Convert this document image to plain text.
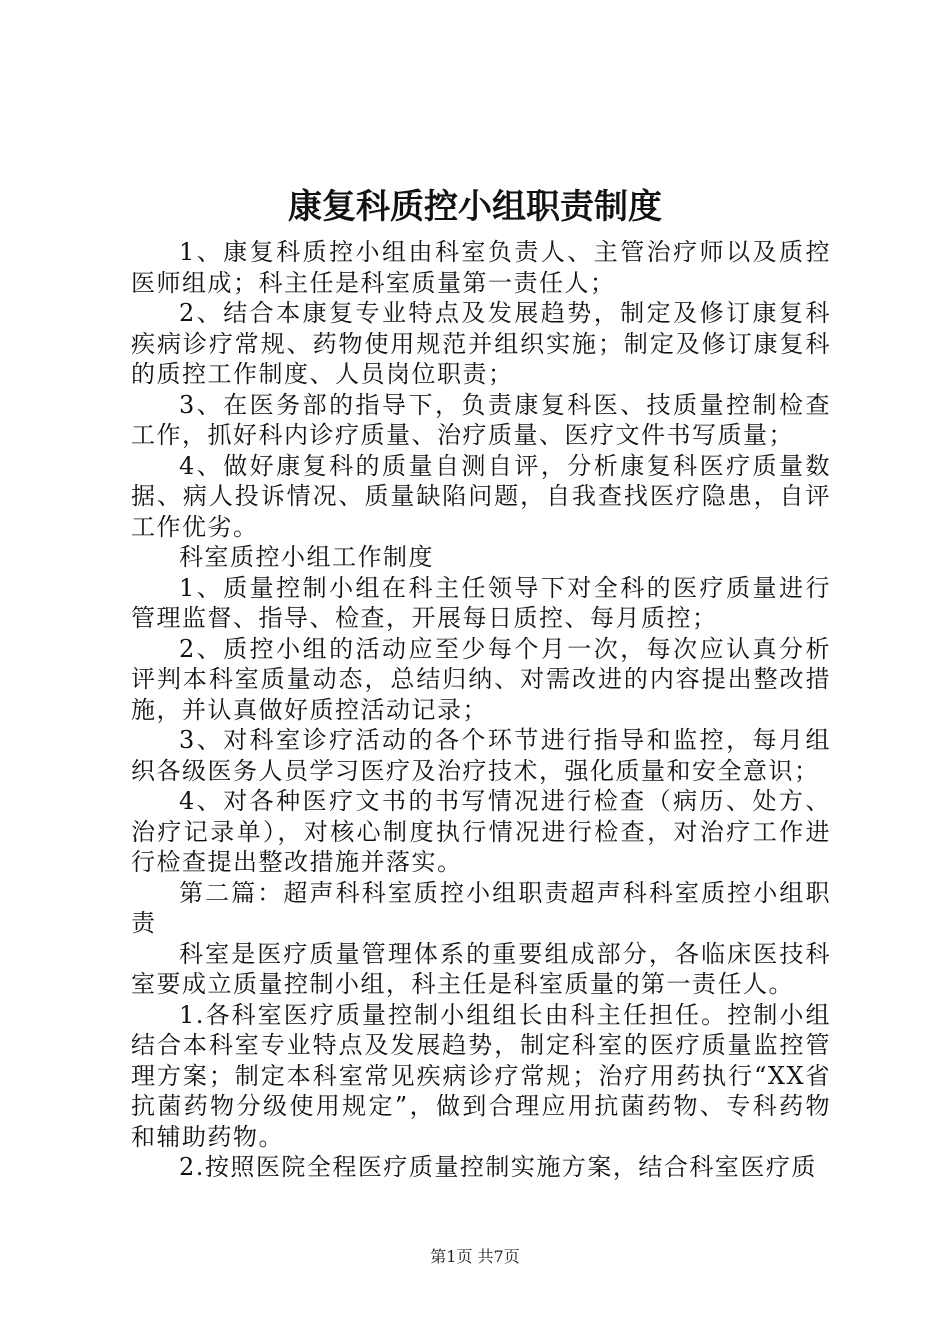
康复科质控小组职责制度

1、康复科质控小组由科室负责人、主管治疗师以及质控医师组成；科主任是科室质量第一责任人；

2、结合本康复专业特点及发展趋势，制定及修订康复科疾病诊疗常规、药物使用规范并组织实施；制定及修订康复科的质控工作制度、人员岗位职责；

3、在医务部的指导下，负责康复科医、技质量控制检查工作，抓好科内诊疗质量、治疗质量、医疗文件书写质量；

4、做好康复科的质量自测自评，分析康复科医疗质量数据、病人投诉情况、质量缺陷问题，自我查找医疗隐患，自评工作优劣。

科室质控小组工作制度

1、质量控制小组在科主任领导下对全科的医疗质量进行管理监督、指导、检查，开展每日质控、每月质控；

2、质控小组的活动应至少每个月一次，每次应认真分析评判本科室质量动态，总结归纳、对需改进的内容提出整改措施，并认真做好质控活动记录；

3、对科室诊疗活动的各个环节进行指导和监控，每月组织各级医务人员学习医疗及治疗技术，强化质量和安全意识；

4、对各种医疗文书的书写情况进行检查（病历、处方、治疗记录单），对核心制度执行情况进行检查，对治疗工作进行检查提出整改措施并落实。

第二篇：超声科科室质控小组职责超声科科室质控小组职责

科室是医疗质量管理体系的重要组成部分，各临床医技科室要成立质量控制小组，科主任是科室质量的第一责任人。

1.各科室医疗质量控制小组组长由科主任担任。控制小组结合本科室专业特点及发展趋势，制定科室的医疗质量监控管理方案；制定本科室常见疾病诊疗常规；治疗用药执行“XX省抗菌药物分级使用规定”，做到合理应用抗菌药物、专科药物和辅助药物。

2.按照医院全程医疗质量控制实施方案，结合科室医疗质

第1页 共7页
